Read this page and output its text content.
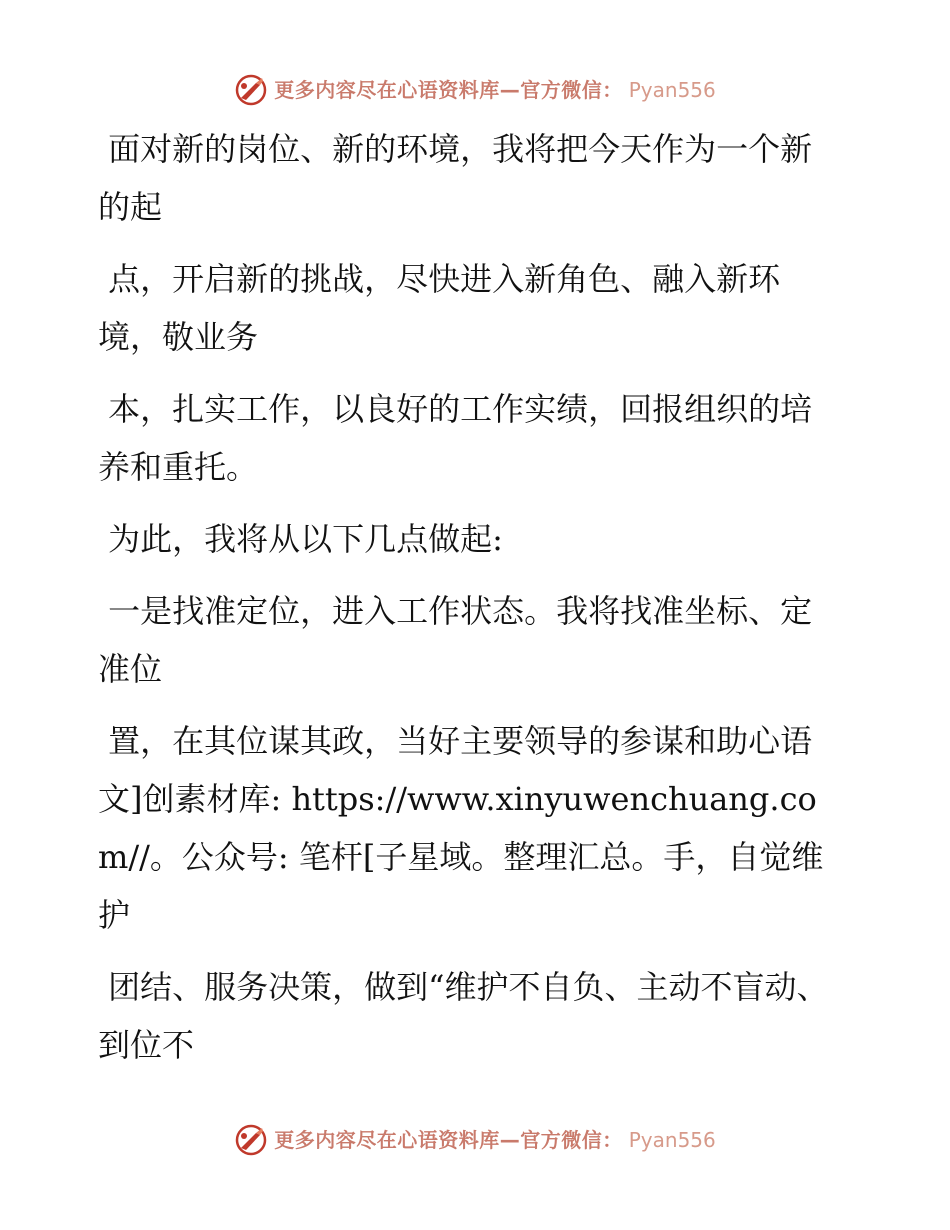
更多内容尽在心语资料库—官方微信： Pyan556

面对新的岗位、新的环境，我将把今天作为一个新的起

点，开启新的挑战，尽快进入新角色、融入新环境，敬业务

本，扎实工作，以良好的工作实绩，回报组织的培养和重托。

为此，我将从以下几点做起:

一是找准定位，进入工作状态。我将找准坐标、定准位

置，在其位谋其政，当好主要领导的参谋和助心语文]创素材库: https://www.xinyuwenchuang.com//。公众号: 笔杆[子星域。整理汇总。手，自觉维护

团结、服务决策，做到“维护不自负、主动不盲动、到位不

更多内容尽在心语资料库—官方微信： Pyan556
